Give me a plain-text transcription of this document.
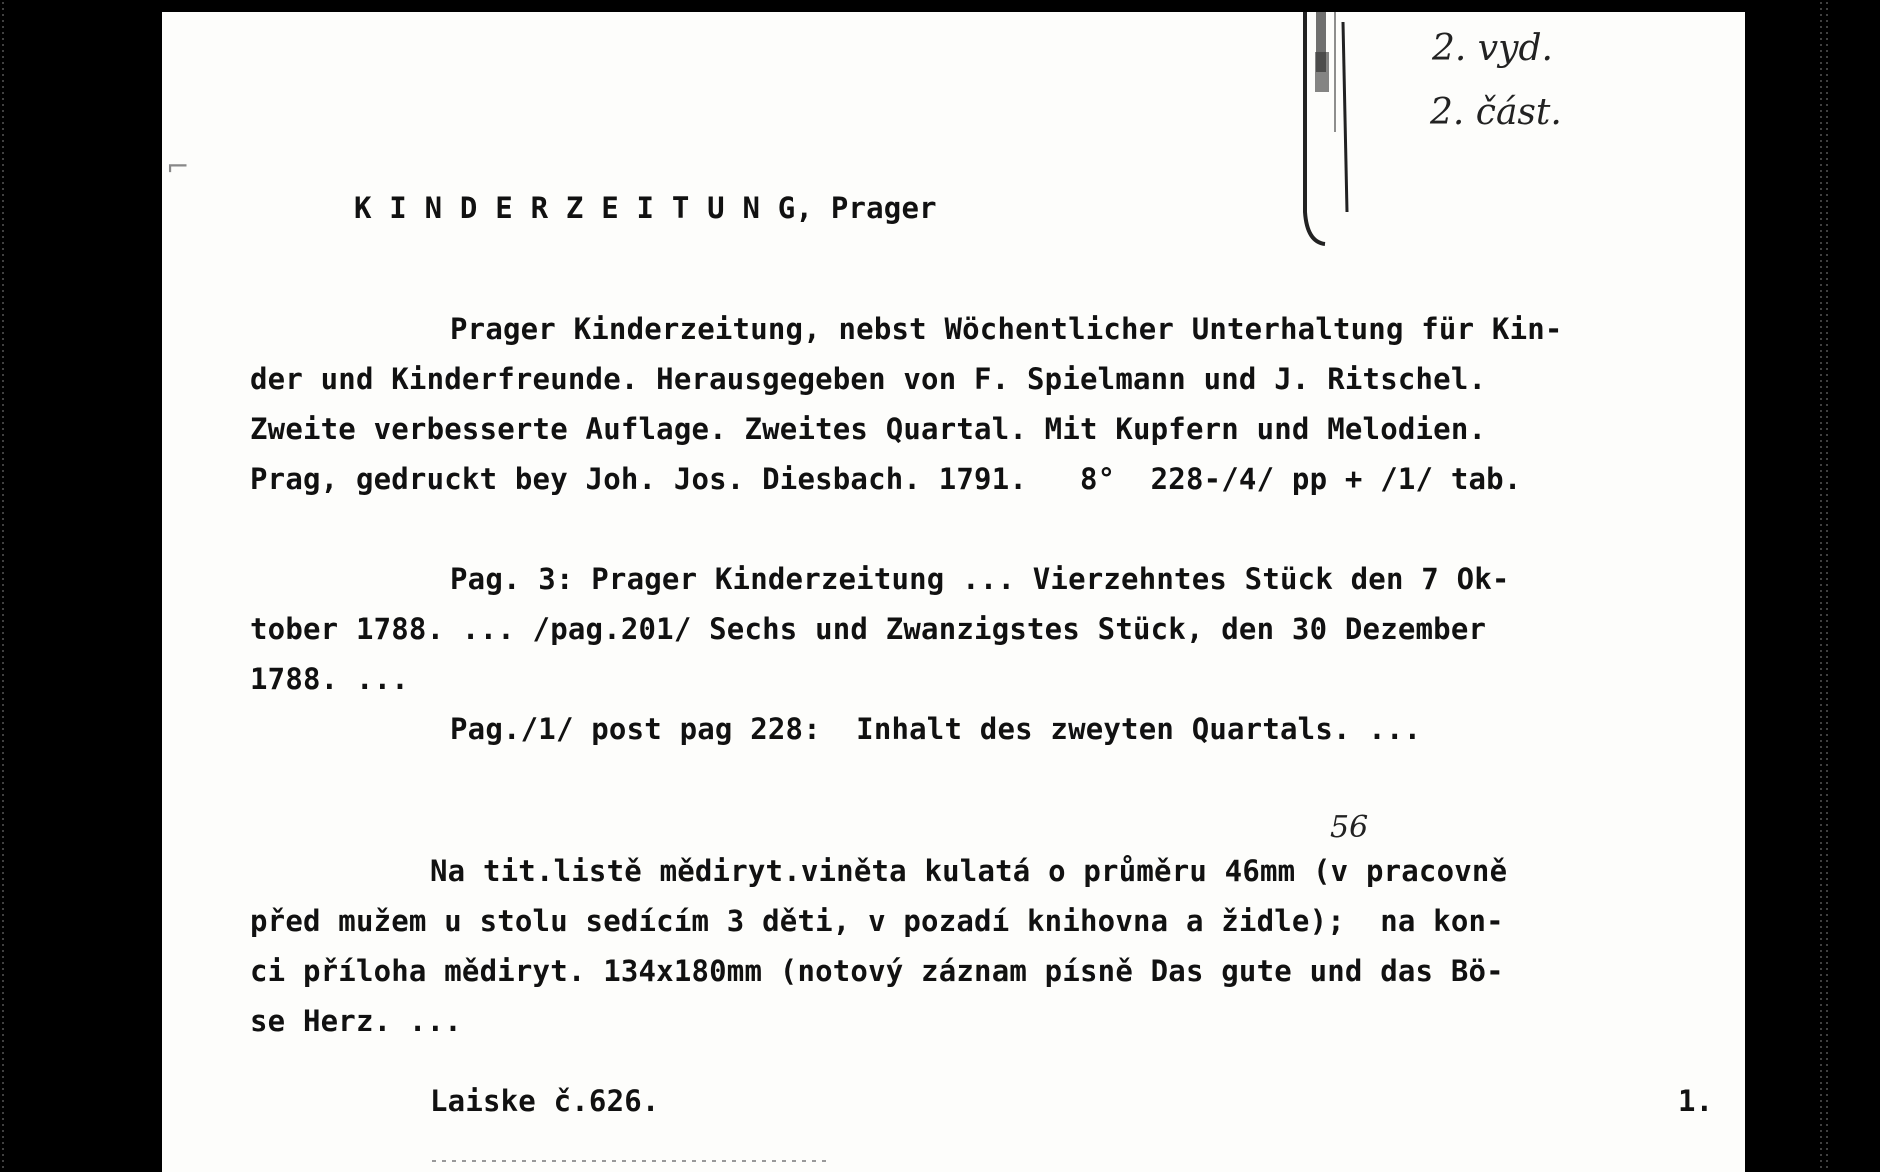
⌐

K I N D E R Z E I T U N G, Prager

2. vyd.
2. část.
Prager Kinderzeitung, nebst Wöchentlicher Unterhaltung für Kin-
der und Kinderfreunde. Herausgegeben von F. Spielmann und J. Ritschel.
Zweite verbesserte Auflage. Zweites Quartal. Mit Kupfern und Melodien.
Prag, gedruckt bey Joh. Jos. Diesbach. 1791.   8°  228-/4/ pp + /1/ tab.
Pag. 3: Prager Kinderzeitung ... Vierzehntes Stück den 7 Ok-
tober 1788. ... /pag.201/ Sechs und Zwanzigstes Stück, den 30 Dezember
1788. ...
Pag./1/ post pag 228:  Inhalt des zweyten Quartals. ...
56
Na tit.listě mědiryt.viněta kulatá o průměru 46mm (v pracovně
před mužem u stolu sedícím 3 děti, v pozadí knihovna a židle);  na kon-
ci příloha mědiryt. 134x180mm (notový záznam písně Das gute und das Bö-
se Herz. ...
Laiske č.626.	1.
